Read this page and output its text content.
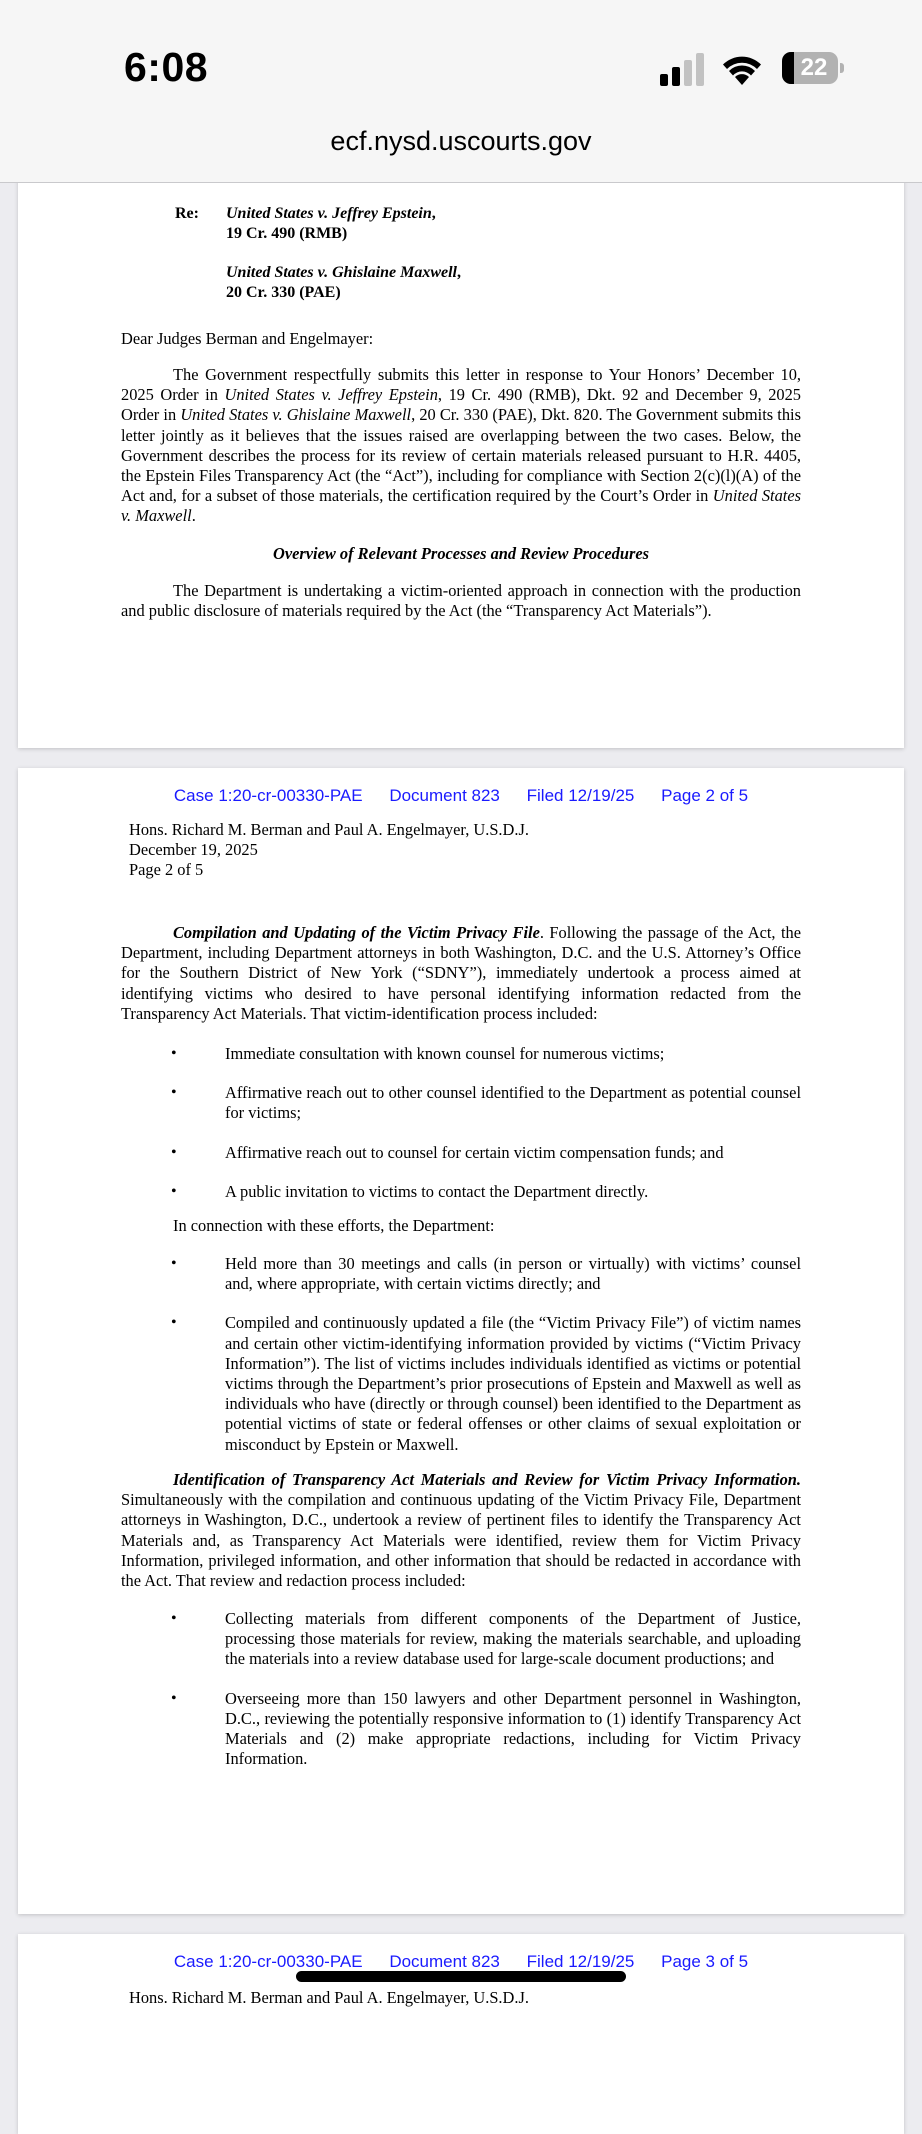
6:08	22
ecf.nysd.uscourts.gov

Re: United States v. Jeffrey Epstein,
19 Cr. 490 (RMB)
United States v. Ghislaine Maxwell,
20 Cr. 330 (PAE)
Dear Judges Berman and Engelmayer:
The Government respectfully submits this letter in response to Your Honors’ December 10, 2025 Order in United States v. Jeffrey Epstein, 19 Cr. 490 (RMB), Dkt. 92 and December 9, 2025 Order in United States v. Ghislaine Maxwell, 20 Cr. 330 (PAE), Dkt. 820. The Government submits this letter jointly as it believes that the issues raised are overlapping between the two cases. Below, the Government describes the process for its review of certain materials released pursuant to H.R. 4405, the Epstein Files Transparency Act (the “Act”), including for compliance with Section 2(c)(l)(A) of the Act and, for a subset of those materials, the certification required by the Court’s Order in United States v. Maxwell.
Overview of Relevant Processes and Review Procedures
The Department is undertaking a victim-oriented approach in connection with the production and public disclosure of materials required by the Act (the “Transparency Act Materials”).
Case 1:20-cr-00330-PAE Document 823 Filed 12/19/25 Page 2 of 5
Hons. Richard M. Berman and Paul A. Engelmayer, U.S.D.J.
December 19, 2025
Page 2 of 5
Compilation and Updating of the Victim Privacy File. Following the passage of the Act, the Department, including Department attorneys in both Washington, D.C. and the U.S. Attorney’s Office for the Southern District of New York (“SDNY”), immediately undertook a process aimed at identifying victims who desired to have personal identifying information redacted from the Transparency Act Materials. That victim-identification process included:
•	Immediate consultation with known counsel for numerous victims;
•	Affirmative reach out to other counsel identified to the Department as potential counsel for victims;
•	Affirmative reach out to counsel for certain victim compensation funds; and
•	A public invitation to victims to contact the Department directly.
In connection with these efforts, the Department:
•	Held more than 30 meetings and calls (in person or virtually) with victims’ counsel and, where appropriate, with certain victims directly; and
•	Compiled and continuously updated a file (the “Victim Privacy File”) of victim names and certain other victim-identifying information provided by victims (“Victim Privacy Information”). The list of victims includes individuals identified as victims or potential victims through the Department’s prior prosecutions of Epstein and Maxwell as well as individuals who have (directly or through counsel) been identified to the Department as potential victims of state or federal offenses or other claims of sexual exploitation or misconduct by Epstein or Maxwell.
Identification of Transparency Act Materials and Review for Victim Privacy Information. Simultaneously with the compilation and continuous updating of the Victim Privacy File, Department attorneys in Washington, D.C., undertook a review of pertinent files to identify the Transparency Act Materials and, as Transparency Act Materials were identified, review them for Victim Privacy Information, privileged information, and other information that should be redacted in accordance with the Act. That review and redaction process included:
•	Collecting materials from different components of the Department of Justice, processing those materials for review, making the materials searchable, and uploading the materials into a review database used for large-scale document productions; and
•	Overseeing more than 150 lawyers and other Department personnel in Washington, D.C., reviewing the potentially responsive information to (1) identify Transparency Act Materials and (2) make appropriate redactions, including for Victim Privacy Information.
Case 1:20-cr-00330-PAE Document 823 Filed 12/19/25 Page 3 of 5
Hons. Richard M. Berman and Paul A. Engelmayer, U.S.D.J.
